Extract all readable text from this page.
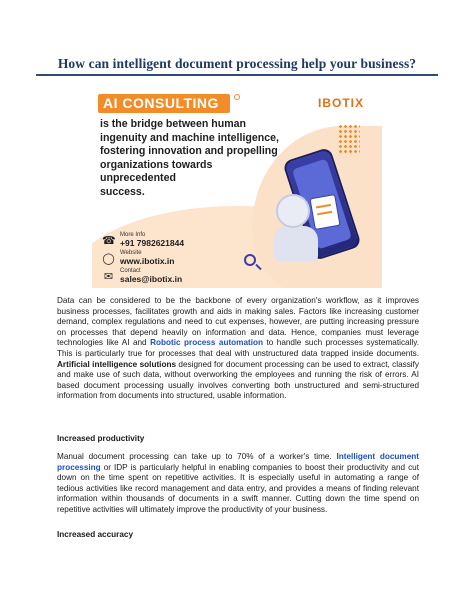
How can intelligent document processing help your business?
AI CONSULTING	IBOTIX
is the bridge between human
ingenuity and machine intelligence,
fostering innovation and propelling
organizations towards
unprecedented
success.
☎ More Info
+91 7982621844
◯ Website
www.ibotix.in
✉	Contact
sales@ibotix.in
Data can be considered to be the backbone of every organization's workflow, as it improves business processes, facilitates growth and aids in making sales. Factors like increasing customer demand, complex regulations and need to cut expenses, however, are putting increasing pressure on processes that depend heavily on information and data. Hence, companies must leverage technologies like AI and Robotic process automation to handle such processes systematically. This is particularly true for processes that deal with unstructured data trapped inside documents. Artificial intelligence solutions designed for document processing can be used to extract, classify and make use of such data, without overworking the employees and running the risk of errors. AI based document processing usually involves converting both unstructured and semi-structured information from documents into structured, usable information.
Increased productivity
Manual document processing can take up to 70% of a worker's time. Intelligent document processing or IDP is particularly helpful in enabling companies to boost their productivity and cut down on the time spent on repetitive activities. It is especially useful in automating a range of tedious activities like record management and data entry, and provides a means of finding relevant information within thousands of documents in a swift manner. Cutting down the time spend on repetitive activities will ultimately improve the productivity of your business.
Increased accuracy
